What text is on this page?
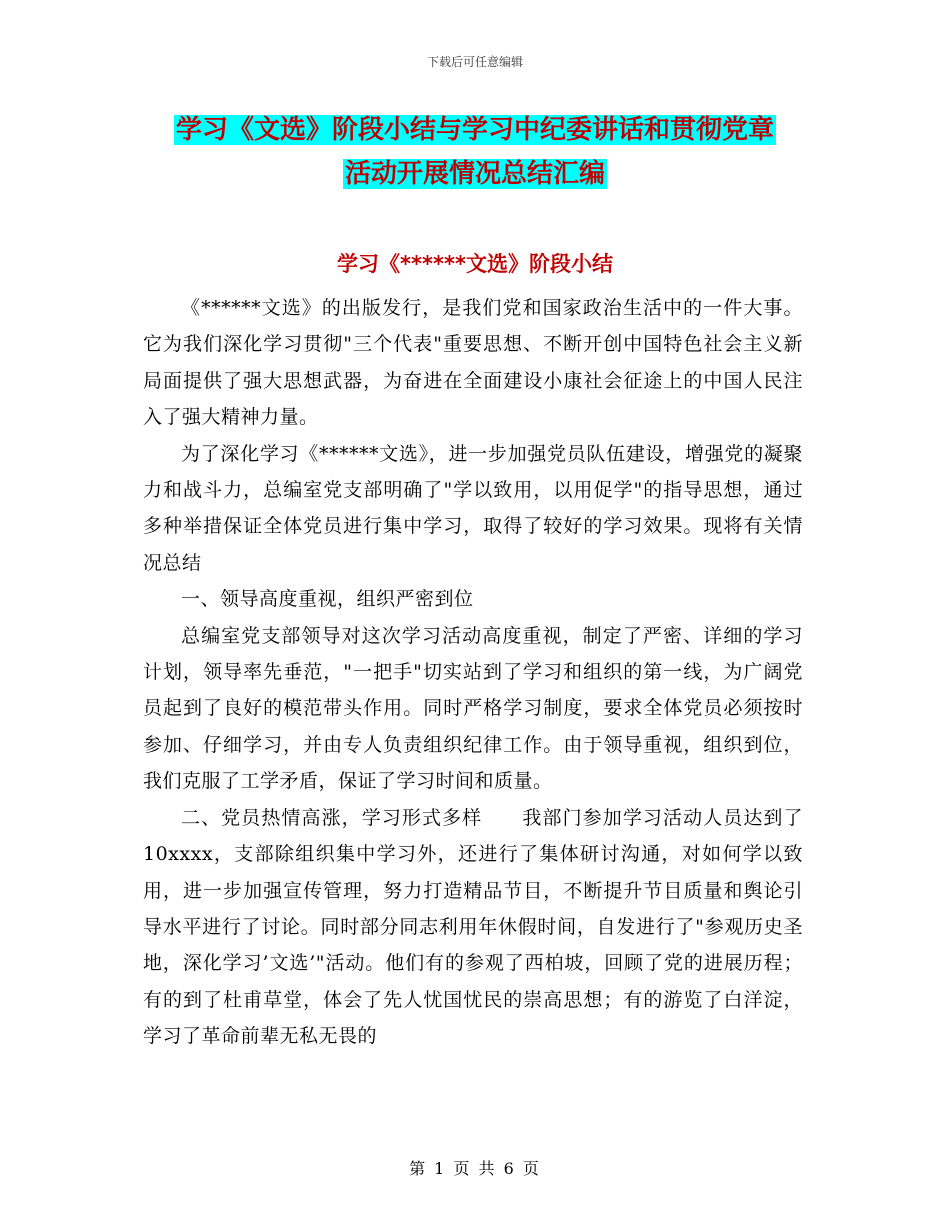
下载后可任意编辑
学习《文选》阶段小结与学习中纪委讲话和贯彻党章
活动开展情况总结汇编
学习《******文选》阶段小结

《******文选》的出版发行，是我们党和国家政治生活中的一件大事。它为我们深化学习贯彻"三个代表"重要思想、不断开创中国特色社会主义新局面提供了强大思想武器，为奋进在全面建设小康社会征途上的中国人民注入了强大精神力量。

为了深化学习《******文选》，进一步加强党员队伍建设，增强党的凝聚力和战斗力，总编室党支部明确了"学以致用，以用促学"的指导思想，通过多种举措保证全体党员进行集中学习，取得了较好的学习效果。现将有关情况总结

一、领导高度重视，组织严密到位

总编室党支部领导对这次学习活动高度重视，制定了严密、详细的学习计划，领导率先垂范，"一把手"切实站到了学习和组织的第一线，为广阔党员起到了良好的模范带头作用。同时严格学习制度，要求全体党员必须按时参加、仔细学习，并由专人负责组织纪律工作。由于领导重视，组织到位，我们克服了工学矛盾，保证了学习时间和质量。

二、党员热情高涨，学习形式多样　　我部门参加学习活动人员达到了10xxxx，支部除组织集中学习外，还进行了集体研讨沟通，对如何学以致用，进一步加强宣传管理，努力打造精品节目，不断提升节目质量和舆论引导水平进行了讨论。同时部分同志利用年休假时间，自发进行了"参观历史圣地，深化学习’文选’"活动。他们有的参观了西柏坡，回顾了党的进展历程；有的到了杜甫草堂，体会了先人忧国忧民的崇高思想；有的游览了白洋淀，学习了革命前辈无私无畏的

第 1 页 共 6 页
